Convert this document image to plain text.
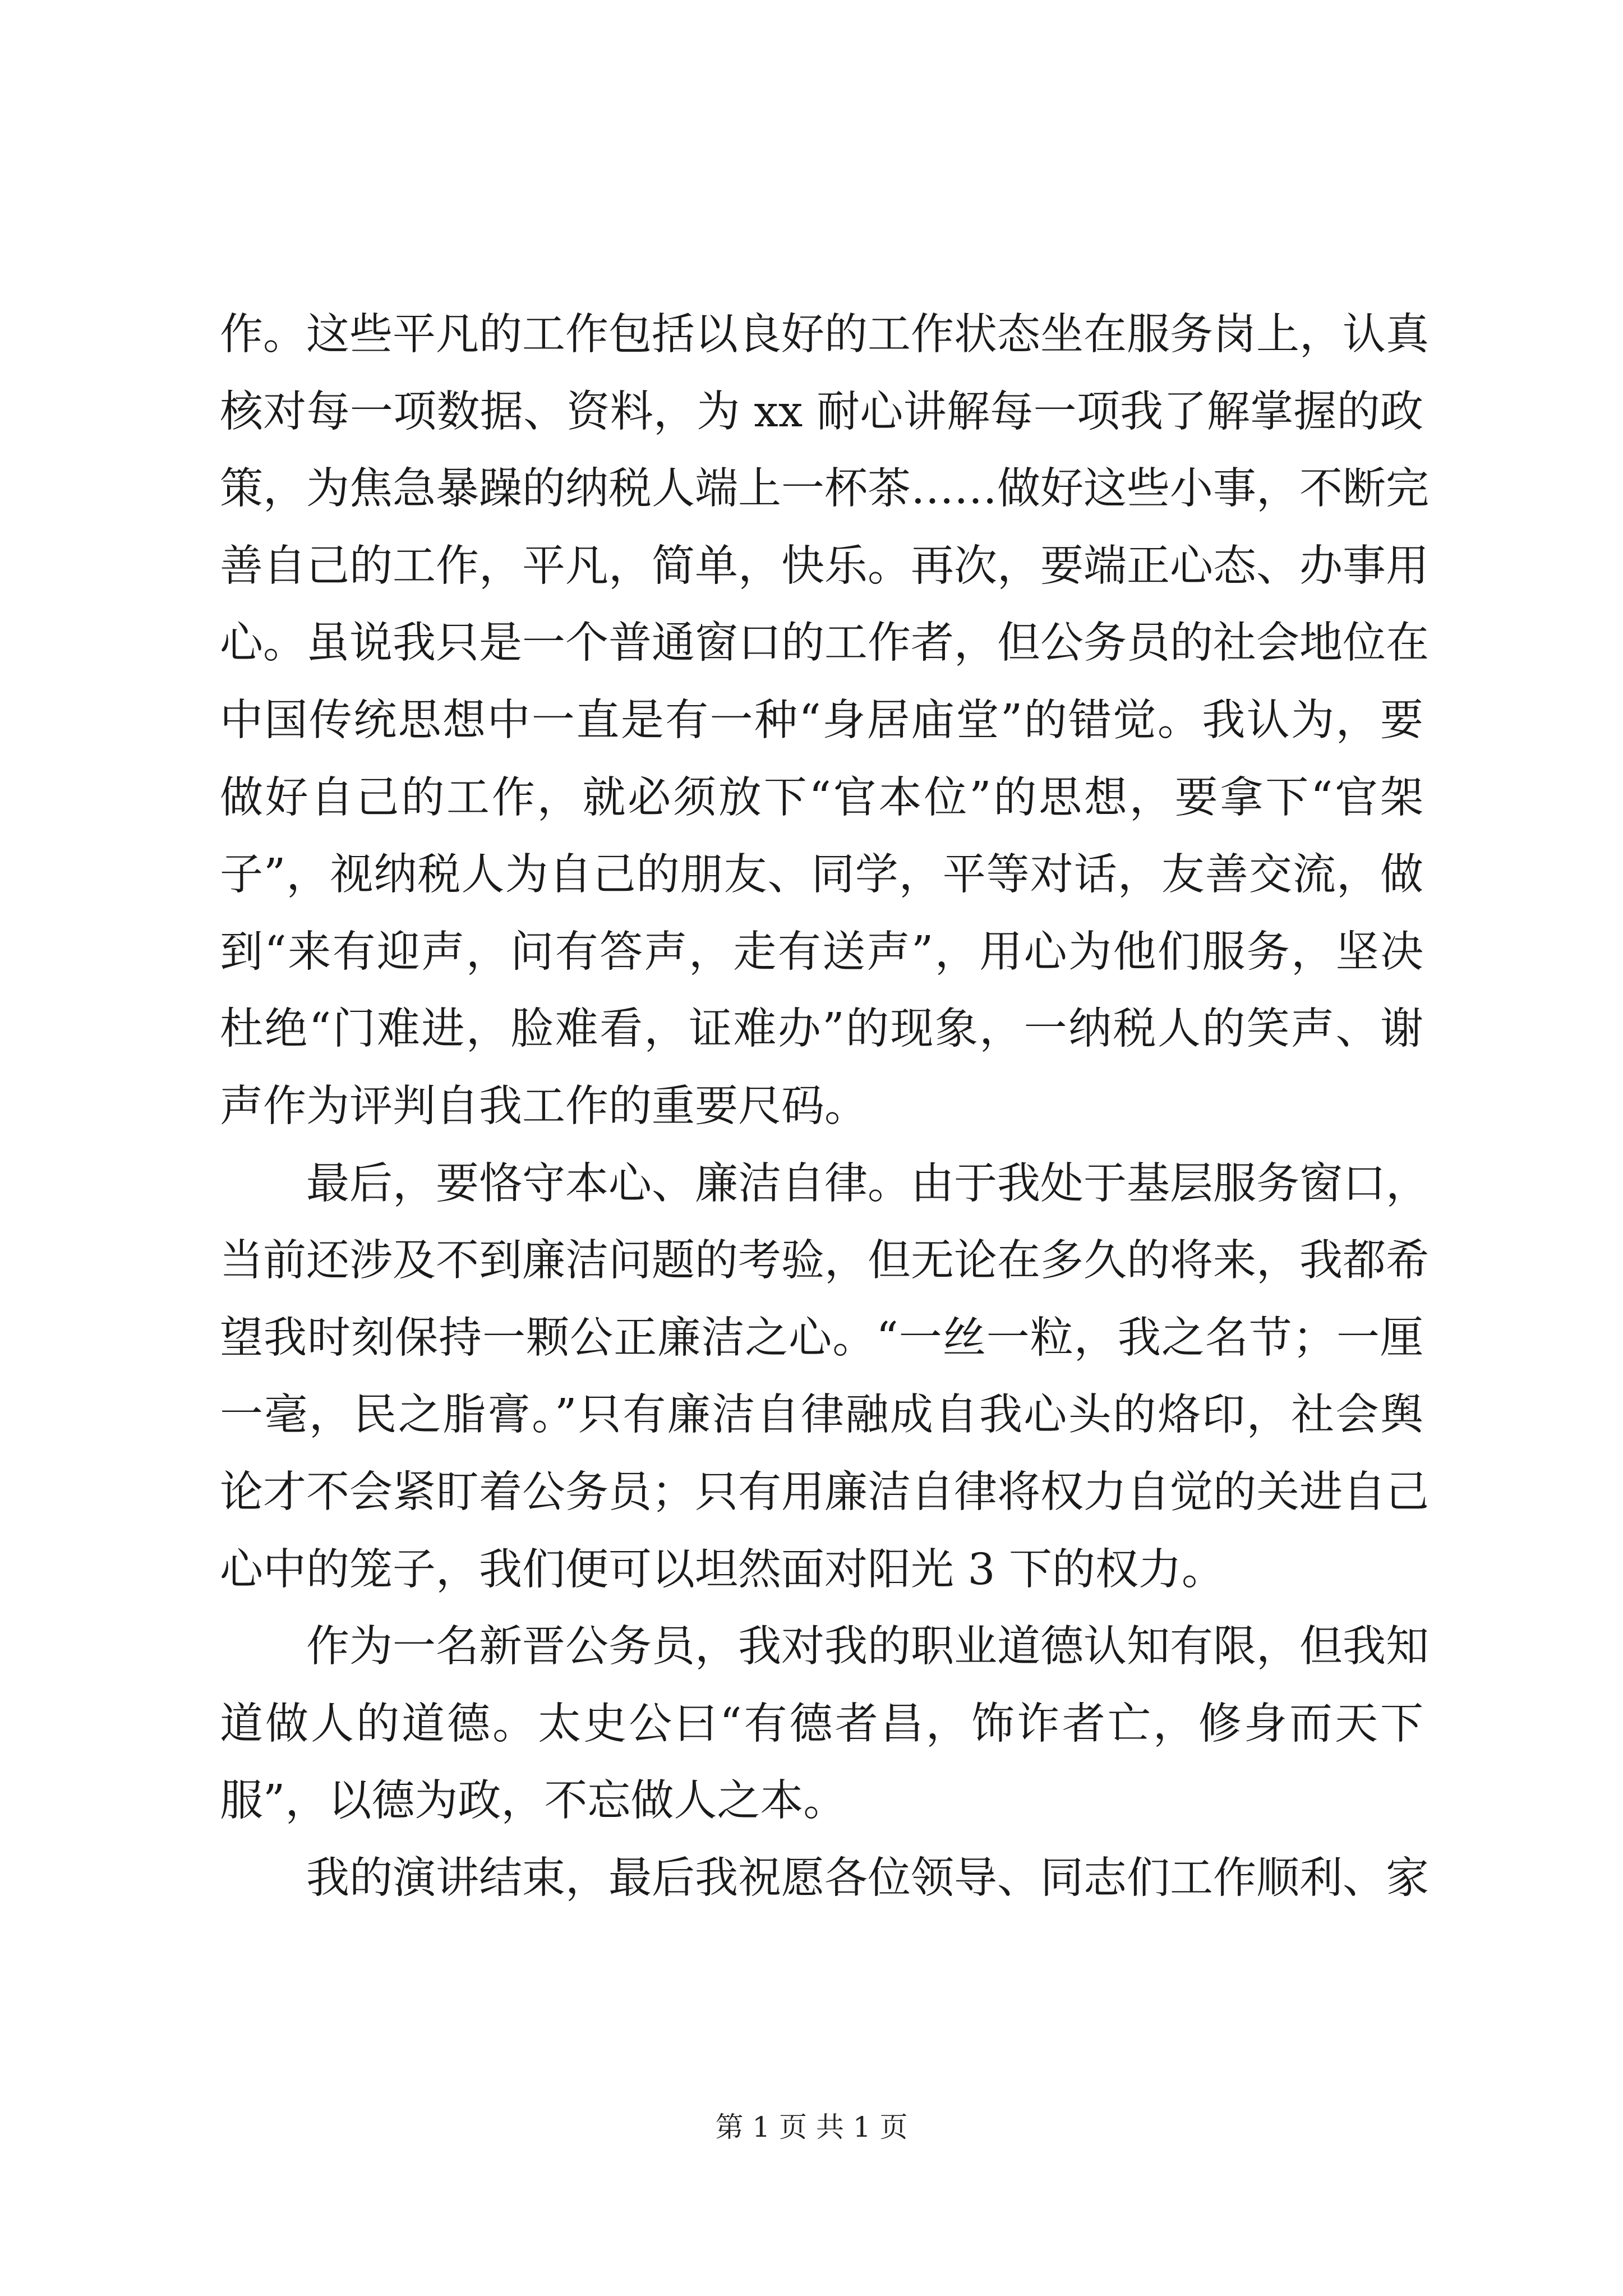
作。这些平凡的工作包括以良好的工作状态坐在服务岗上，认真
核对每一项数据、资料，为 xx 耐心讲解每一项我了解掌握的政
策，为焦急暴躁的纳税人端上一杯茶……做好这些小事，不断完
善自己的工作，平凡，简单，快乐。再次，要端正心态、办事用
心。虽说我只是一个普通窗口的工作者，但公务员的社会地位在
中国传统思想中一直是有一种“身居庙堂”的错觉。我认为，要
做好自己的工作，就必须放下“官本位”的思想，要拿下“官架
子”，视纳税人为自己的朋友、同学，平等对话，友善交流，做
到“来有迎声，问有答声，走有送声”，用心为他们服务，坚决
杜绝“门难进，脸难看，证难办”的现象，一纳税人的笑声、谢
声作为评判自我工作的重要尺码。
最后，要恪守本心、廉洁自律。由于我处于基层服务窗口，
当前还涉及不到廉洁问题的考验，但无论在多久的将来，我都希
望我时刻保持一颗公正廉洁之心。“一丝一粒，我之名节；一厘
一毫，民之脂膏。”只有廉洁自律融成自我心头的烙印，社会舆
论才不会紧盯着公务员；只有用廉洁自律将权力自觉的关进自己
心中的笼子，我们便可以坦然面对阳光 3 下的权力。
作为一名新晋公务员，我对我的职业道德认知有限，但我知
道做人的道德。太史公曰“有德者昌，饰诈者亡，修身而天下
服”，以德为政，不忘做人之本。
我的演讲结束，最后我祝愿各位领导、同志们工作顺利、家
第 1 页 共 1 页
